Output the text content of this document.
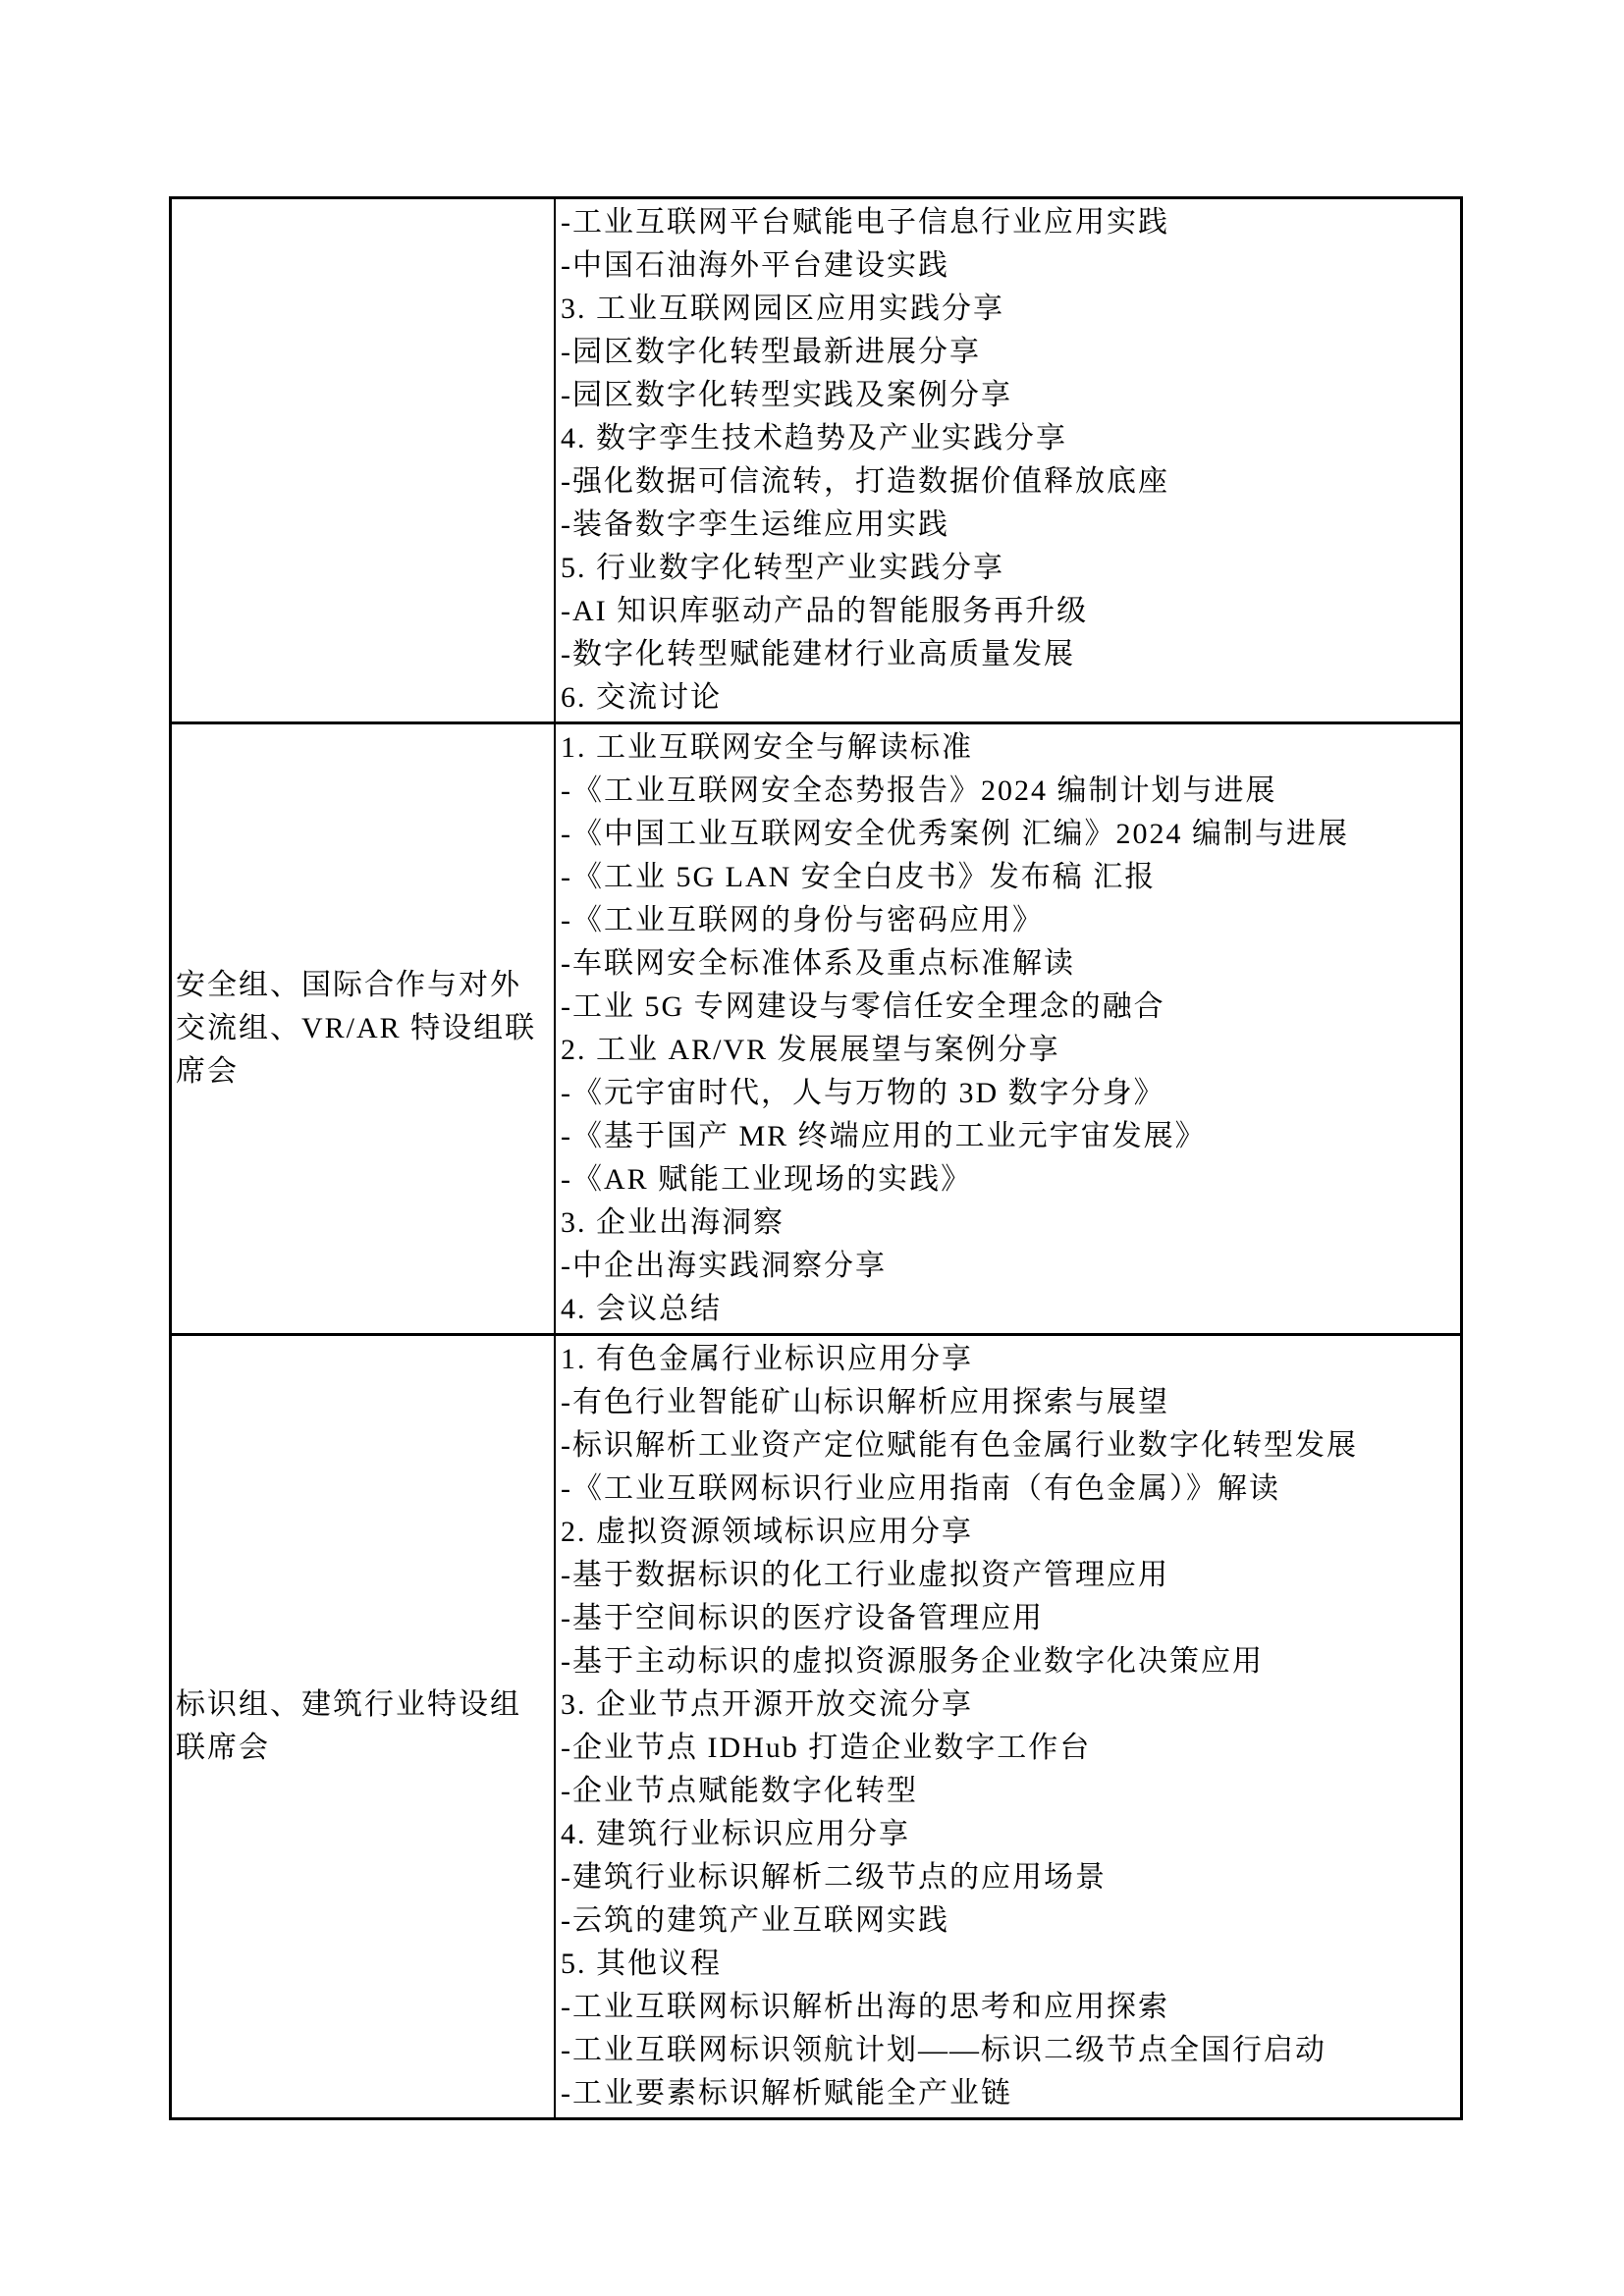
-工业互联网平台赋能电子信息行业应用实践
-中国石油海外平台建设实践
3. 工业互联网园区应用实践分享
-园区数字化转型最新进展分享
-园区数字化转型实践及案例分享
4. 数字孪生技术趋势及产业实践分享
-强化数据可信流转，打造数据价值释放底座
-装备数字孪生运维应用实践
5. 行业数字化转型产业实践分享
-AI 知识库驱动产品的智能服务再升级
-数字化转型赋能建材行业高质量发展
6. 交流讨论
安全组、国际合作与对外交流组、VR/AR 特设组联席会
1. 工业互联网安全与解读标准
-《工业互联网安全态势报告》2024 编制计划与进展
-《中国工业互联网安全优秀案例 汇编》2024 编制与进展
-《工业 5G LAN 安全白皮书》发布稿 汇报
-《工业互联网的身份与密码应用》
-车联网安全标准体系及重点标准解读
-工业 5G 专网建设与零信任安全理念的融合
2. 工业 AR/VR 发展展望与案例分享
-《元宇宙时代，人与万物的 3D 数字分身》
-《基于国产 MR 终端应用的工业元宇宙发展》
-《AR 赋能工业现场的实践》
3. 企业出海洞察
-中企出海实践洞察分享
4. 会议总结
标识组、建筑行业特设组联席会
1. 有色金属行业标识应用分享
-有色行业智能矿山标识解析应用探索与展望
-标识解析工业资产定位赋能有色金属行业数字化转型发展
-《工业互联网标识行业应用指南（有色金属）》解读
2. 虚拟资源领域标识应用分享
-基于数据标识的化工行业虚拟资产管理应用
-基于空间标识的医疗设备管理应用
-基于主动标识的虚拟资源服务企业数字化决策应用
3. 企业节点开源开放交流分享
-企业节点 IDHub 打造企业数字工作台
-企业节点赋能数字化转型
4. 建筑行业标识应用分享
-建筑行业标识解析二级节点的应用场景
-云筑的建筑产业互联网实践
5. 其他议程
-工业互联网标识解析出海的思考和应用探索
-工业互联网标识领航计划——标识二级节点全国行启动
-工业要素标识解析赋能全产业链
